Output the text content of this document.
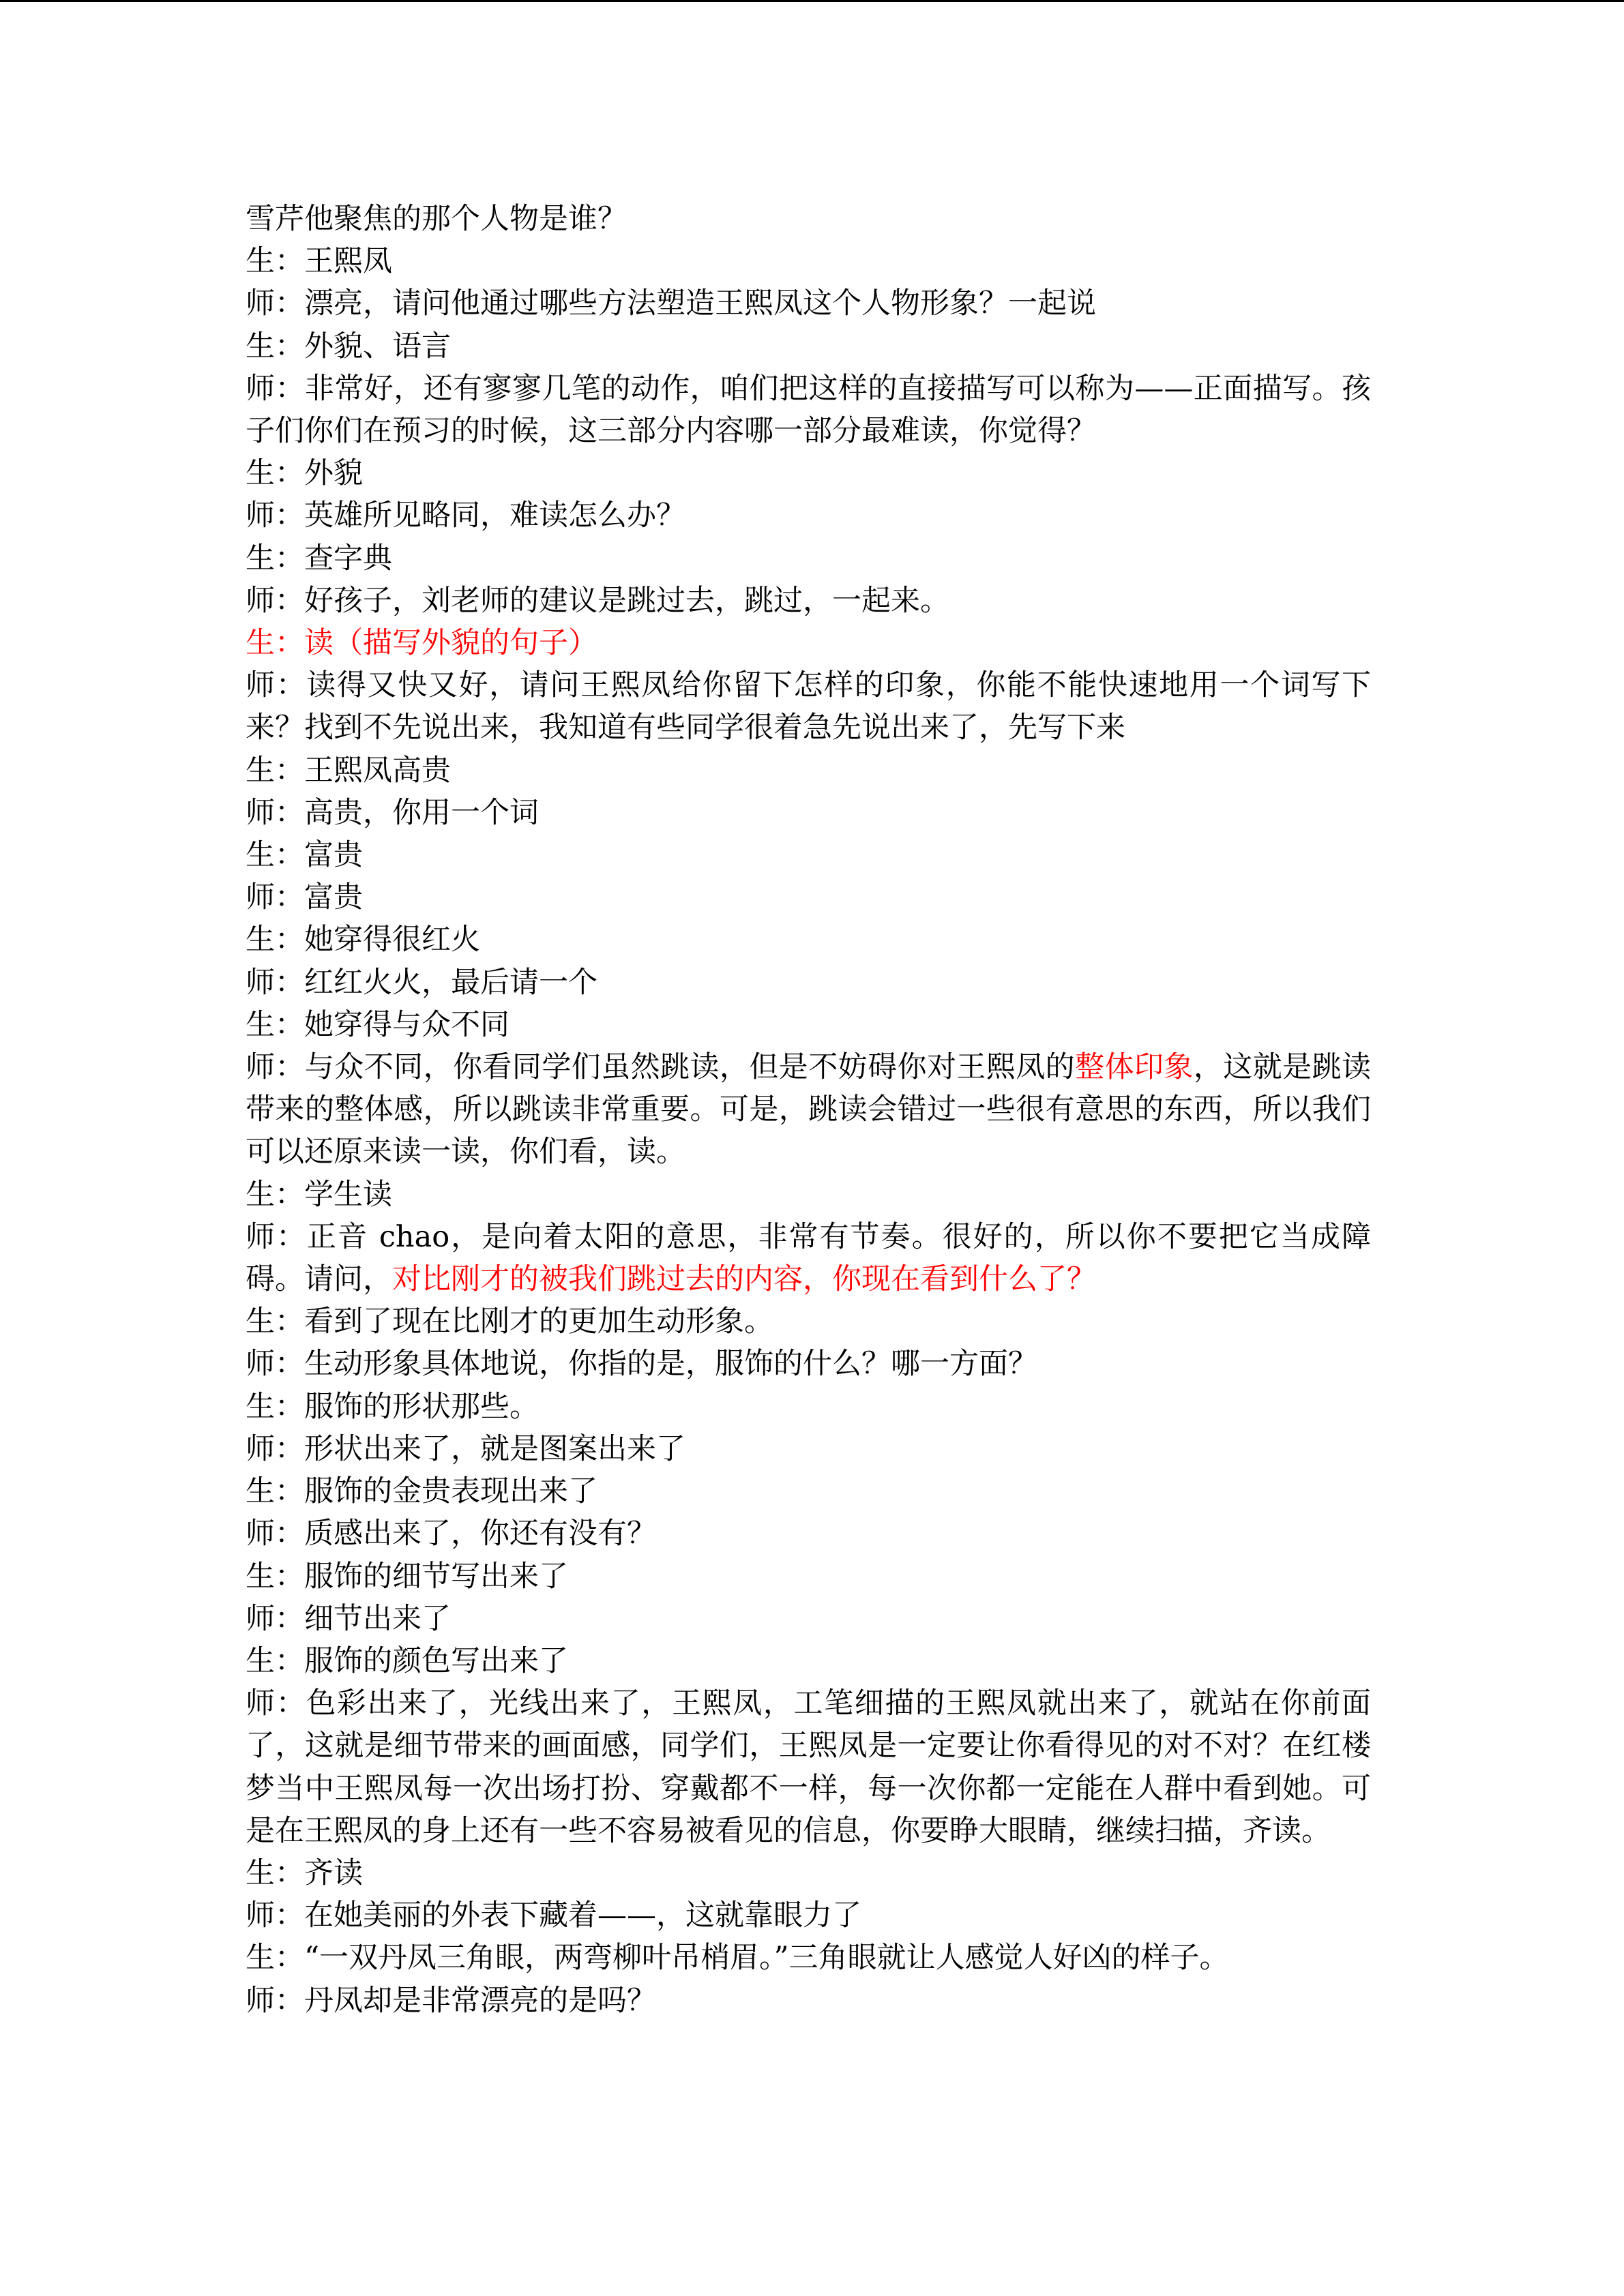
雪芹他聚焦的那个人物是谁？

生：王熙凤

师：漂亮，请问他通过哪些方法塑造王熙凤这个人物形象？一起说

生：外貌、语言

师：非常好，还有寥寥几笔的动作，咱们把这样的直接描写可以称为——正面描写。孩子们你们在预习的时候，这三部分内容哪一部分最难读，你觉得？

生：外貌

师：英雄所见略同，难读怎么办？

生：查字典

师：好孩子，刘老师的建议是跳过去，跳过，一起来。

生：读（描写外貌的句子）

师：读得又快又好，请问王熙凤给你留下怎样的印象，你能不能快速地用一个词写下来？找到不先说出来，我知道有些同学很着急先说出来了，先写下来

生：王熙凤高贵

师：高贵，你用一个词

生：富贵

师：富贵

生：她穿得很红火

师：红红火火，最后请一个

生：她穿得与众不同

师：与众不同，你看同学们虽然跳读，但是不妨碍你对王熙凤的整体印象，这就是跳读带来的整体感，所以跳读非常重要。可是，跳读会错过一些很有意思的东西，所以我们可以还原来读一读，你们看，读。

生：学生读

师：正音 chao，是向着太阳的意思，非常有节奏。很好的，所以你不要把它当成障碍。请问，对比刚才的被我们跳过去的内容，你现在看到什么了？

生：看到了现在比刚才的更加生动形象。

师：生动形象具体地说，你指的是，服饰的什么？哪一方面？

生：服饰的形状那些。

师：形状出来了，就是图案出来了

生：服饰的金贵表现出来了

师：质感出来了，你还有没有？

生：服饰的细节写出来了

师：细节出来了

生：服饰的颜色写出来了

师：色彩出来了，光线出来了，王熙凤，工笔细描的王熙凤就出来了，就站在你前面了，这就是细节带来的画面感，同学们，王熙凤是一定要让你看得见的对不对？在红楼梦当中王熙凤每一次出场打扮、穿戴都不一样，每一次你都一定能在人群中看到她。可是在王熙凤的身上还有一些不容易被看见的信息，你要睁大眼睛，继续扫描，齐读。

生：齐读

师：在她美丽的外表下藏着——，这就靠眼力了

生：“一双丹凤三角眼，两弯柳叶吊梢眉。”三角眼就让人感觉人好凶的样子。

师：丹凤却是非常漂亮的是吗？
